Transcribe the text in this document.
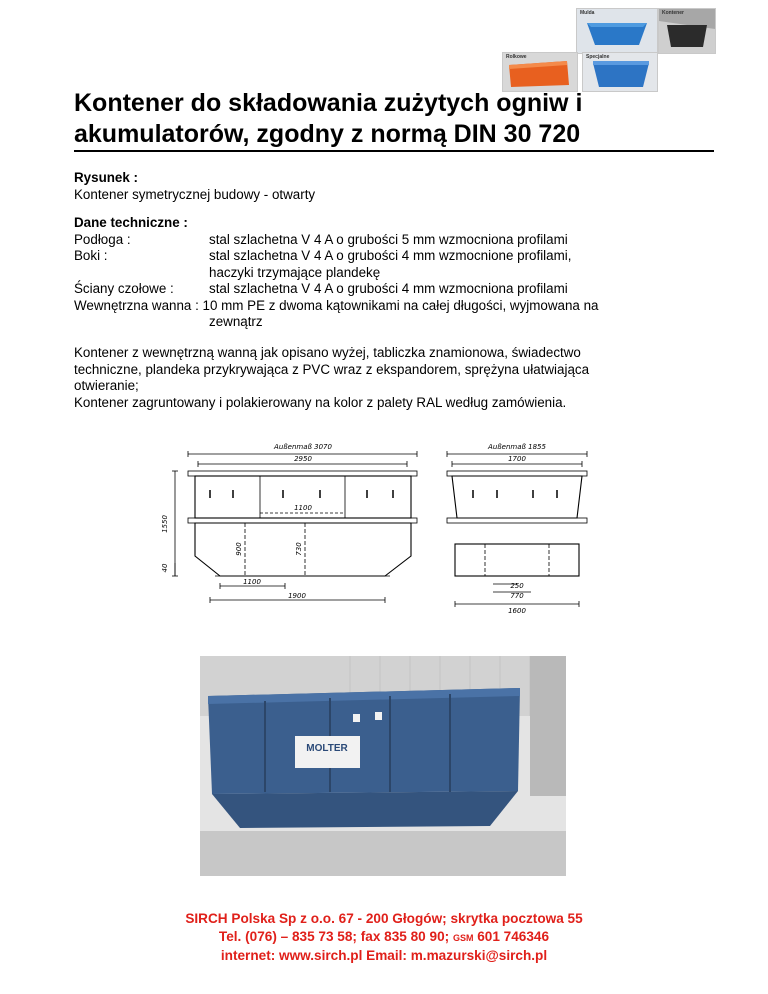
Mulda	Kontener
Rolkowe	Specjalne
Kontener do składowania zużytych ogniw i
akumulatorów, zgodny z normą DIN 30 720
Rysunek :
Kontener symetrycznej budowy - otwarty
Dane techniczne :
Podłoga :	stal szlachetna V 4 A o grubości 5 mm wzmocniona profilami
Boki :	stal szlachetna V 4 A o grubości 4 mm wzmocnione profilami,
haczyki trzymające plandekę
Ściany czołowe :	stal szlachetna V 4 A o grubości 4 mm wzmocniona profilami
Wewnętrzna wanna : 10 mm PE z dwoma kątownikami na całej długości, wyjmowana na
zewnątrz
Kontener z wewnętrzną wanną jak opisano wyżej, tabliczka znamionowa, świadectwo
techniczne, plandeka przykrywająca z PVC wraz z ekspandorem, sprężyna ułatwiająca
otwieranie;
Kontener zagruntowany i polakierowany na kolor z palety RAL według zamówienia.
Außenmaß 3070
2950
1100
1550
40
900	730
1100
1900
Außenmaß 1855
1700
250
770
1600
MOLTER
SIRCH Polska Sp z o.o. 67 - 200 Głogów; skrytka pocztowa 55
Tel. (076) – 835 73 58; fax 835 80 90; GSM 601 746346
internet: www.sirch.pl Email: m.mazurski@sirch.pl
